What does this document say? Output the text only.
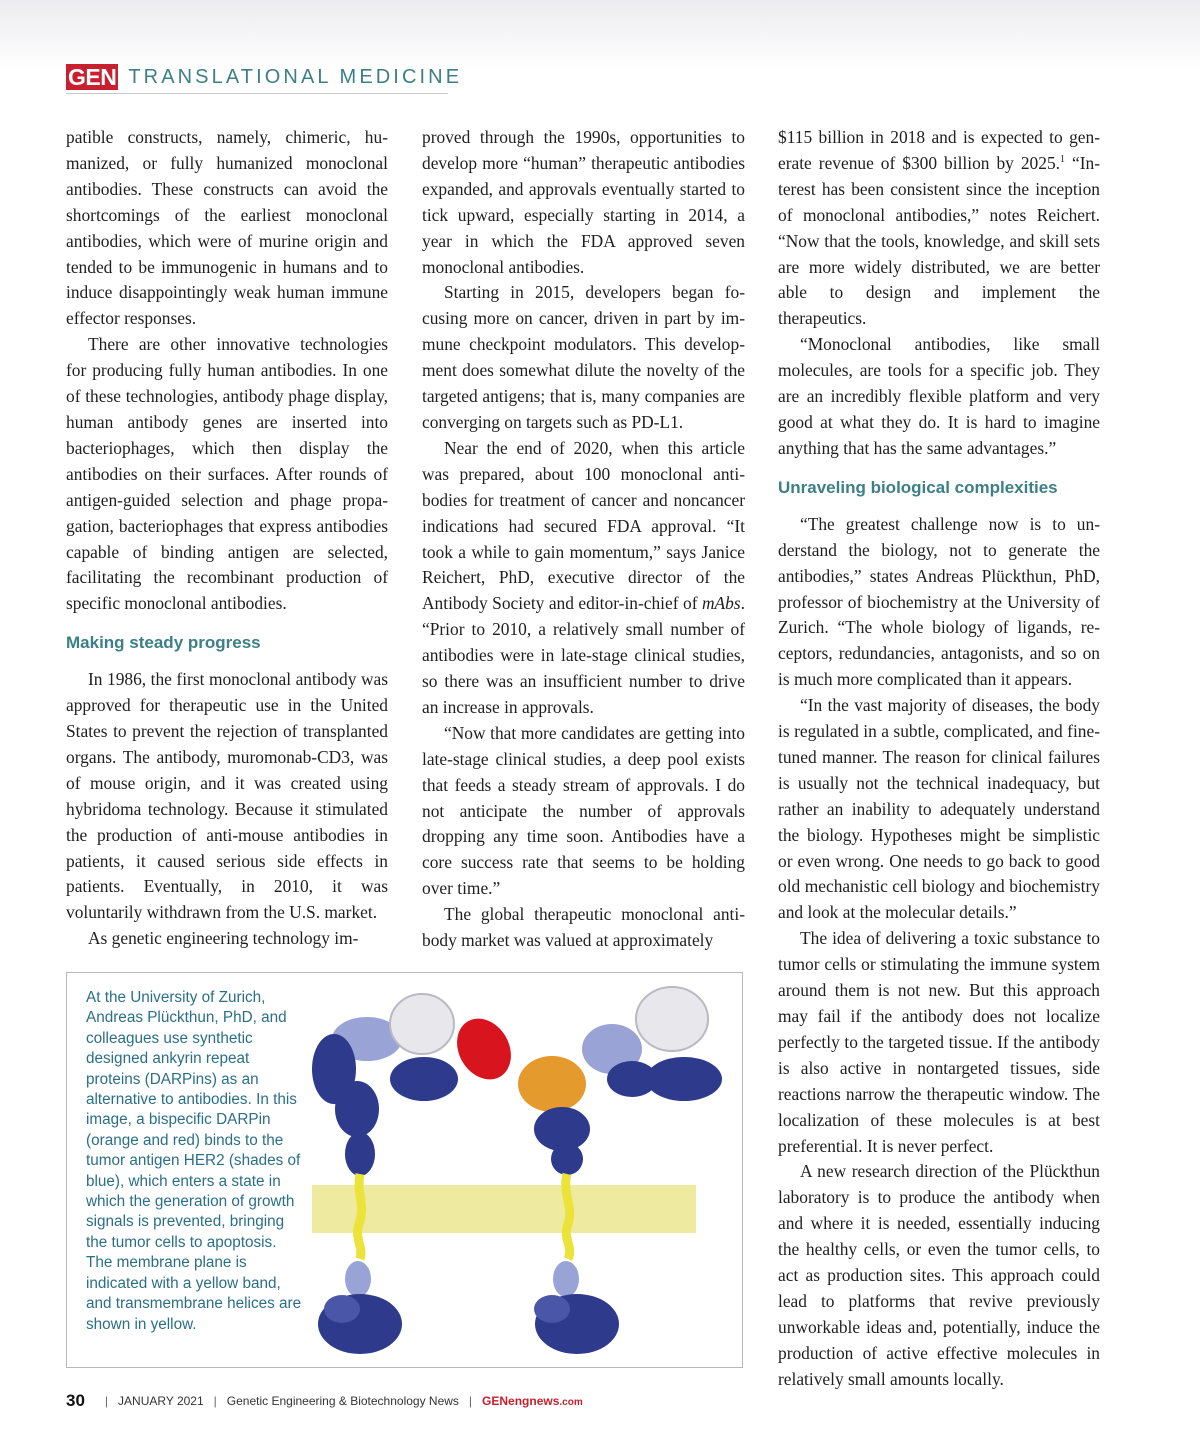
GEN TRANSLATIONAL MEDICINE

patible constructs, namely, chimeric, humanized, or fully humanized monoclonal antibodies. These constructs can avoid the shortcomings of the earliest monoclonal antibodies, which were of murine origin and tended to be immunogenic in humans and to induce disappointingly weak human immune effector responses.

There are other innovative technologies for producing fully human antibodies. In one of these technologies, antibody phage display, human antibody genes are inserted into bacteriophages, which then display the antibodies on their surfaces. After rounds of antigen-guided selection and phage propagation, bacteriophages that express antibodies capable of binding antigen are selected, facilitating the recombinant production of specific monoclonal antibodies.

Making steady progress

In 1986, the first monoclonal antibody was approved for therapeutic use in the United States to prevent the rejection of transplanted organs. The antibody, muromonab-CD3, was of mouse origin, and it was created using hybridoma technology. Because it stimulated the production of anti-mouse antibodies in patients, it caused serious side effects in patients. Eventually, in 2010, it was voluntarily withdrawn from the U.S. market.

As genetic engineering technology im-

proved through the 1990s, opportunities to develop more “human” therapeutic antibodies expanded, and approvals eventually started to tick upward, especially starting in 2014, a year in which the FDA approved seven monoclonal antibodies.

Starting in 2015, developers began focusing more on cancer, driven in part by immune checkpoint modulators. This development does somewhat dilute the novelty of the targeted antigens; that is, many companies are converging on targets such as PD-L1.

Near the end of 2020, when this article was prepared, about 100 monoclonal antibodies for treatment of cancer and noncancer indications had secured FDA approval. “It took a while to gain momentum,” says Janice Reichert, PhD, executive director of the Antibody Society and editor-in-chief of mAbs. “Prior to 2010, a relatively small number of antibodies were in late-stage clinical studies, so there was an insufficient number to drive an increase in approvals.

“Now that more candidates are getting into late-stage clinical studies, a deep pool exists that feeds a steady stream of approvals. I do not anticipate the number of approvals dropping any time soon. Antibodies have a core success rate that seems to be holding over time.”

The global therapeutic monoclonal antibody market was valued at approximately

$115 billion in 2018 and is expected to generate revenue of $300 billion by 2025.$^1$ “Interest has been consistent since the inception of monoclonal antibodies,” notes Reichert. “Now that the tools, knowledge, and skill sets are more widely distributed, we are better able to design and implement the therapeutics.

“Monoclonal antibodies, like small molecules, are tools for a specific job. They are an incredibly flexible platform and very good at what they do. It is hard to imagine anything that has the same advantages.”

Unraveling biological complexities

“The greatest challenge now is to understand the biology, not to generate the antibodies,” states Andreas Plückthun, PhD, professor of biochemistry at the University of Zurich. “The whole biology of ligands, receptors, redundancies, antagonists, and so on is much more complicated than it appears.

“In the vast majority of diseases, the body is regulated in a subtle, complicated, and fine-tuned manner. The reason for clinical failures is usually not the technical inadequacy, but rather an inability to adequately understand the biology. Hypotheses might be simplistic or even wrong. One needs to go back to good old mechanistic cell biology and biochemistry and look at the molecular details.”

The idea of delivering a toxic substance to tumor cells or stimulating the immune system around them is not new. But this approach may fail if the antibody does not localize perfectly to the targeted tissue. If the antibody is also active in nontargeted tissues, side reactions narrow the therapeutic window. The localization of these molecules is at best preferential. It is never perfect.

A new research direction of the Plückthun laboratory is to produce the antibody when and where it is needed, essentially inducing the healthy cells, or even the tumor cells, to act as production sites. This approach could lead to platforms that revive previously unworkable ideas and, potentially, induce the production of active effective molecules in relatively small amounts locally.

At the University of Zurich, Andreas Plückthun, PhD, and colleagues use synthetic designed ankyrin repeat proteins (DARPins) as an alternative to antibodies. In this image, a bispecific DARPin (orange and red) binds to the tumor antigen HER2 (shades of blue), which enters a state in which the generation of growth signals is prevented, bringing the tumor cells to apoptosis. The membrane plane is indicated with a yellow band, and transmembrane helices are shown in yellow.
30 | JANUARY 2021 | Genetic Engineering & Biotechnology News | GENengnews.com
